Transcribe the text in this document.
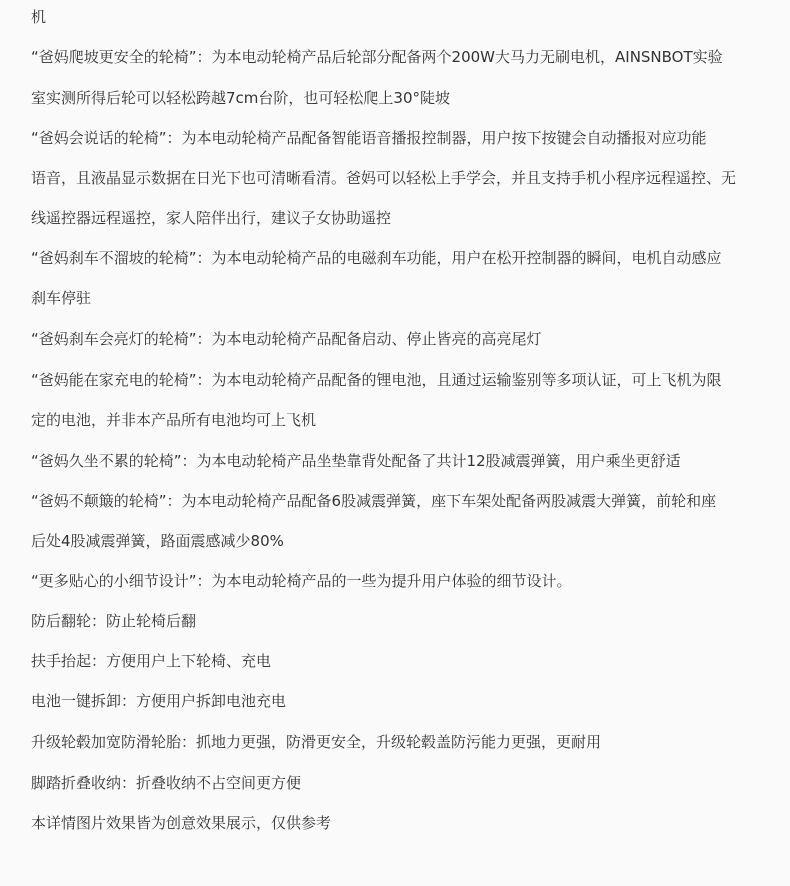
机
“爸妈爬坡更安全的轮椅”：为本电动轮椅产品后轮部分配备两个200W大马力无刷电机，AINSNBOT实验
室实测所得后轮可以轻松跨越7cm台阶，也可轻松爬上30°陡坡
“爸妈会说话的轮椅”：为本电动轮椅产品配备智能语音播报控制器，用户按下按键会自动播报对应功能
语音，且液晶显示数据在日光下也可清晰看清。爸妈可以轻松上手学会，并且支持手机小程序远程遥控、无
线遥控器远程遥控，家人陪伴出行，建议子女协助遥控
“爸妈刹车不溜坡的轮椅”：为本电动轮椅产品的电磁刹车功能，用户在松开控制器的瞬间，电机自动感应
刹车停驻
“爸妈刹车会亮灯的轮椅”：为本电动轮椅产品配备启动、停止皆亮的高亮尾灯
“爸妈能在家充电的轮椅”：为本电动轮椅产品配备的锂电池，且通过运输鉴别等多项认证，可上飞机为限
定的电池，并非本产品所有电池均可上飞机
“爸妈久坐不累的轮椅”：为本电动轮椅产品坐垫靠背处配备了共计12股减震弹簧，用户乘坐更舒适
“爸妈不颠簸的轮椅”：为本电动轮椅产品配备6股减震弹簧，座下车架处配备两股减震大弹簧，前轮和座
后处4股减震弹簧，路面震感减少80%
“更多贴心的小细节设计”：为本电动轮椅产品的一些为提升用户体验的细节设计。
防后翻轮：防止轮椅后翻
扶手抬起：方便用户上下轮椅、充电
电池一键拆卸：方便用户拆卸电池充电
升级轮毂加宽防滑轮胎：抓地力更强，防滑更安全，升级轮毂盖防污能力更强，更耐用
脚踏折叠收纳：折叠收纳不占空间更方便
本详情图片效果皆为创意效果展示，仅供参考
